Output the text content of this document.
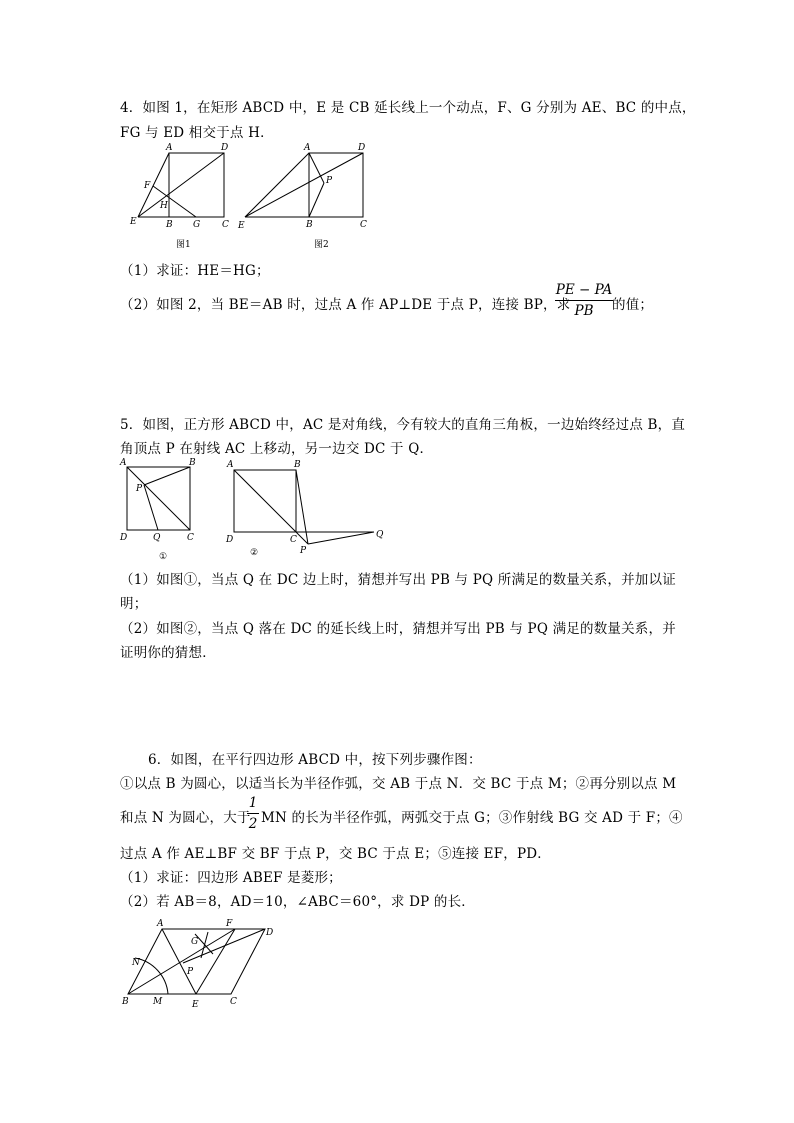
4．如图 1，在矩形 ABCD 中，E 是 CB 延长线上一个动点，F、G 分别为 AE、BC 的中点，
FG 与 ED 相交于点 H．
A	D
F
H
E	B G C
图1
A	D
P
E	B	C
图2
（1）求证：HE＝HG；
（2）如图 2，当 BE＝AB 时，过点 A 作 AP⊥DE 于点 P，连接 BP，求
PE − PA
PB	的值；
5．如图，正方形 ABCD 中，AC 是对角线，今有较大的直角三角板，一边始终经过点 B，直
角顶点 P 在射线 AC 上移动，另一边交 DC 于 Q．
A	B
P
D	Q	C
①
A	B
D	C
P
Q
②
（1）如图①，当点 Q 在 DC 边上时，猜想并写出 PB 与 PQ 所满足的数量关系，并加以证
明；
（2）如图②，当点 Q 落在 DC 的延长线上时，猜想并写出 PB 与 PQ 满足的数量关系，并
证明你的猜想．
6．如图，在平行四边形 ABCD 中，按下列步骤作图：
①以点 B 为圆心，以适当长为半径作弧，交 AB 于点 N．交 BC 于点 M；②再分别以点 M
和点 N 为圆心，大于
1
2 MN 的长为半径作弧，两弧交于点 G；③作射线 BG 交 AD 于 F；④
过点 A 作 AE⊥BF 交 BF 于点 P，交 BC 于点 E；⑤连接 EF，PD．
（1）求证：四边形 ABEF 是菱形；
（2）若 AB＝8，AD＝10，∠ABC＝60°，求 DP 的长．
A	F
D
G
N
P
B	M	E	C
